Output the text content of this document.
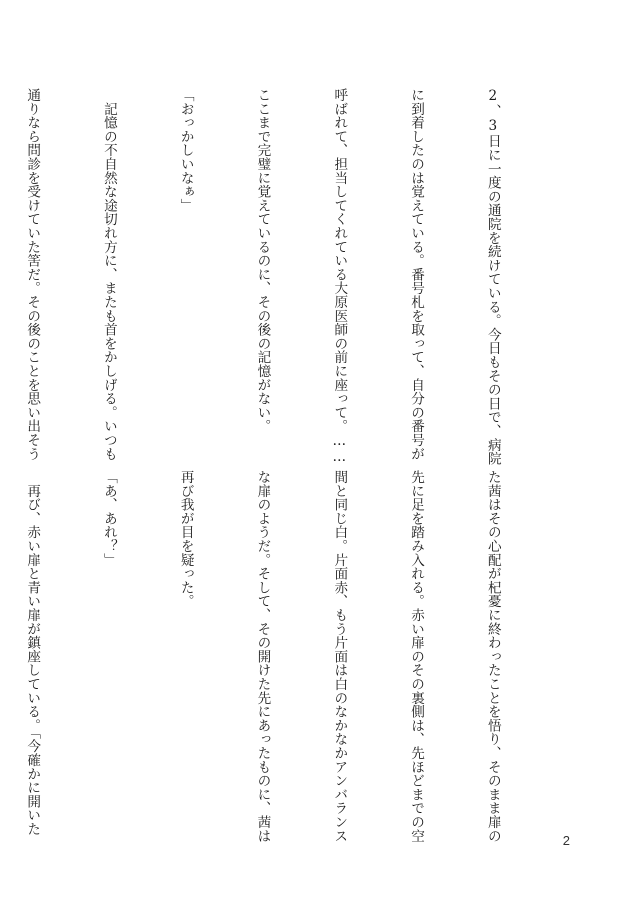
2、3日に一度の通院を続けている。今日もその日で、病院

に到着したのは覚えている。番号札を取って、自分の番号が

呼ばれて、担当してくれている大原医師の前に座って。……

ここまで完璧に覚えているのに、その後の記憶がない。

「おっかしいなぁ」

　記憶の不自然な途切れ方に、またも首をかしげる。いつも

通りなら問診を受けていた筈だ。その後のことを思い出そう

た茜はその心配が杞憂に終わったことを悟り、そのまま扉の

先に足を踏み入れる。赤い扉のその裏側は、先ほどまでの空

間と同じ白。片面赤、もう片面は白のなかなかアンバランス

な扉のようだ。そして、その開けた先にあったものに、茜は

再び我が目を疑った。

「あ、あれ？」

　再び、赤い扉と青い扉が鎮座している。「今確かに開いた

2
